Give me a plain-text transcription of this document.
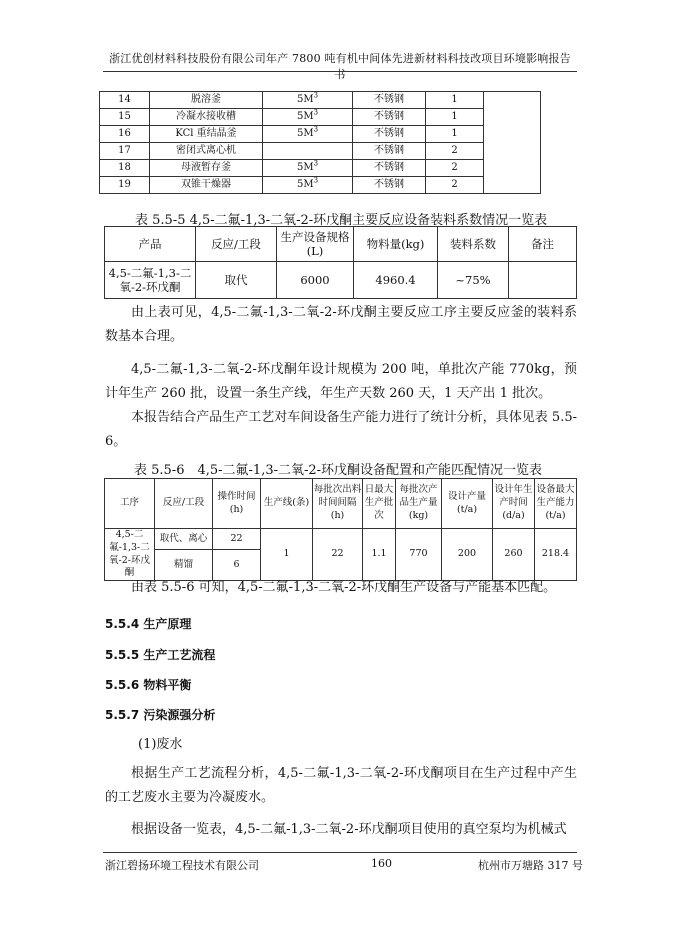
浙江优创材料科技股份有限公司年产 7800 吨有机中间体先进新材料科技改项目环境影响报告书
14	脱溶釜	$5M^3$	不锈钢	1	
15	冷凝水接收槽	$5M^3$	不锈钢	1	
16	KCl 重结晶釜	$5M^3$	不锈钢	1	
17	密闭式离心机		不锈钢	2	
18	母液暂存釜	$5M^3$	不锈钢	2	
19	双锥干燥器	$5M^3$	不锈钢	2	
表 5.5-5 4,5-二氟-1,3-二氧-2-环戊酮主要反应设备装料系数情况一览表
产品	反应/工段	生产设备规格(L)	物料量(kg)	装料系数	备注
4,5-二氟-1,3-二氧-2-环戊酮	取代	6000	4960.4	~75%	
由上表可见，4,5-二氟-1,3-二氧-2-环戊酮主要反应工序主要反应釜的装料系数基本合理。
4,5-二氟-1,3-二氧-2-环戊酮年设计规模为 200 吨，单批次产能 770kg，预计年生产 260 批，设置一条生产线，年生产天数 260 天，1 天产出 1 批次。
本报告结合产品生产工艺对车间设备生产能力进行了统计分析，具体见表 5.5-6。
表 5.5-6　4,5-二氟-1,3-二氧-2-环戊酮设备配置和产能匹配情况一览表
工序	反应/工段	操作时间(h)	生产线(条)	每批次出料时间间隔(h)	日最大生产批次	每批次产品生产量(kg)	设计产量(t/a)	设计年生产时间(d/a)	设备最大生产能力(t/a)
4,5-二氟-1,3-二氧-2-环戊酮	取代、离心	22	1	22	1.1	770	200	260	218.4
	精馏	6							
由表 5.5-6 可知，4,5-二氟-1,3-二氧-2-环戊酮生产设备与产能基本匹配。
5.5.4 生产原理
5.5.5 生产工艺流程
5.5.6 物料平衡
5.5.7 污染源强分析
(1)废水
根据生产工艺流程分析，4,5-二氟-1,3-二氧-2-环戊酮项目在生产过程中产生的工艺废水主要为冷凝废水。
根据设备一览表，4,5-二氟-1,3-二氧-2-环戊酮项目使用的真空泵均为机械式
浙江碧扬环境工程技术有限公司	160	杭州市万塘路 317 号
